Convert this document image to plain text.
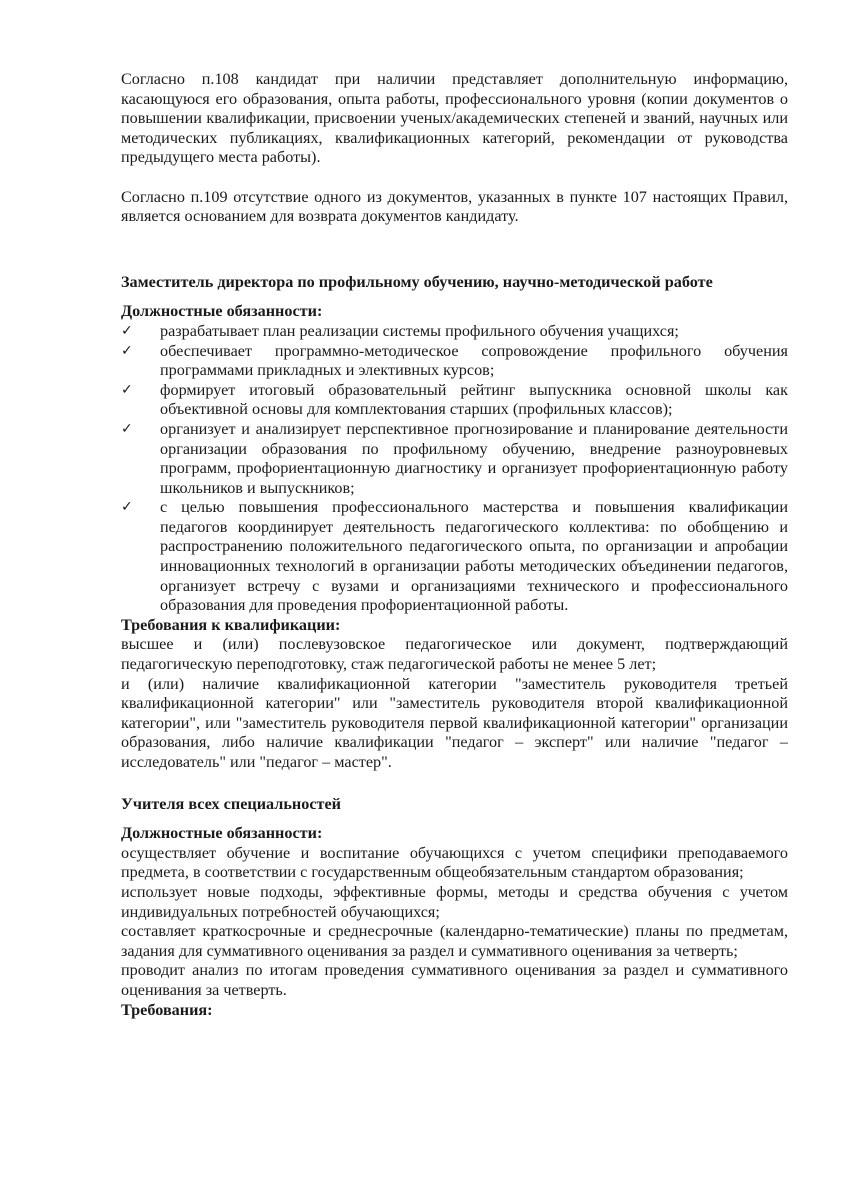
Согласно п.108 кандидат при наличии представляет дополнительную информацию, касающуюся его образования, опыта работы, профессионального уровня (копии документов о повышении квалификации, присвоении ученых/академических степеней и званий, научных или методических публикациях, квалификационных категорий, рекомендации от руководства предыдущего места работы).

Согласно п.109 отсутствие одного из документов, указанных в пункте 107 настоящих Правил, является основанием для возврата документов кандидату.

Заместитель директора по профильному обучению, научно-методической работе
Должностные обязанности:
✓ разрабатывает план реализации системы профильного обучения учащихся;
✓ обеспечивает программно-методическое сопровождение профильного обучения программами прикладных и элективных курсов;
✓ формирует итоговый образовательный рейтинг выпускника основной школы как объективной основы для комплектования старших (профильных классов);
✓ организует и анализирует перспективное прогнозирование и планирование деятельности организации образования по профильному обучению, внедрение разноуровневых программ, профориентационную диагностику и организует профориентационную работу школьников и выпускников;
✓ с целью повышения профессионального мастерства и повышения квалификации педагогов координирует деятельность педагогического коллектива: по обобщению и распространению положительного педагогического опыта, по организации и апробации инновационных технологий в организации работы методических объединении педагогов, организует встречу с вузами и организациями технического и профессионального образования для проведения профориентационной работы.
Требования к квалификации:

высшее и (или) послевузовское педагогическое или документ, подтверждающий педагогическую переподготовку, стаж педагогической работы не менее 5 лет;

и (или) наличие квалификационной категории "заместитель руководителя третьей квалификационной категории" или "заместитель руководителя второй квалификационной категории", или "заместитель руководителя первой квалификационной категории" организации образования, либо наличие квалификации "педагог – эксперт" или наличие "педагог – исследователь" или "педагог – мастер".

Учителя всех специальностей
Должностные обязанности:

осуществляет обучение и воспитание обучающихся с учетом специфики преподаваемого предмета, в соответствии с государственным общеобязательным стандартом образования;

использует новые подходы, эффективные формы, методы и средства обучения с учетом индивидуальных потребностей обучающихся;

составляет краткосрочные и среднесрочные (календарно-тематические) планы по предметам, задания для суммативного оценивания за раздел и суммативного оценивания за четверть;

проводит анализ по итогам проведения суммативного оценивания за раздел и суммативного оценивания за четверть.

Требования:
